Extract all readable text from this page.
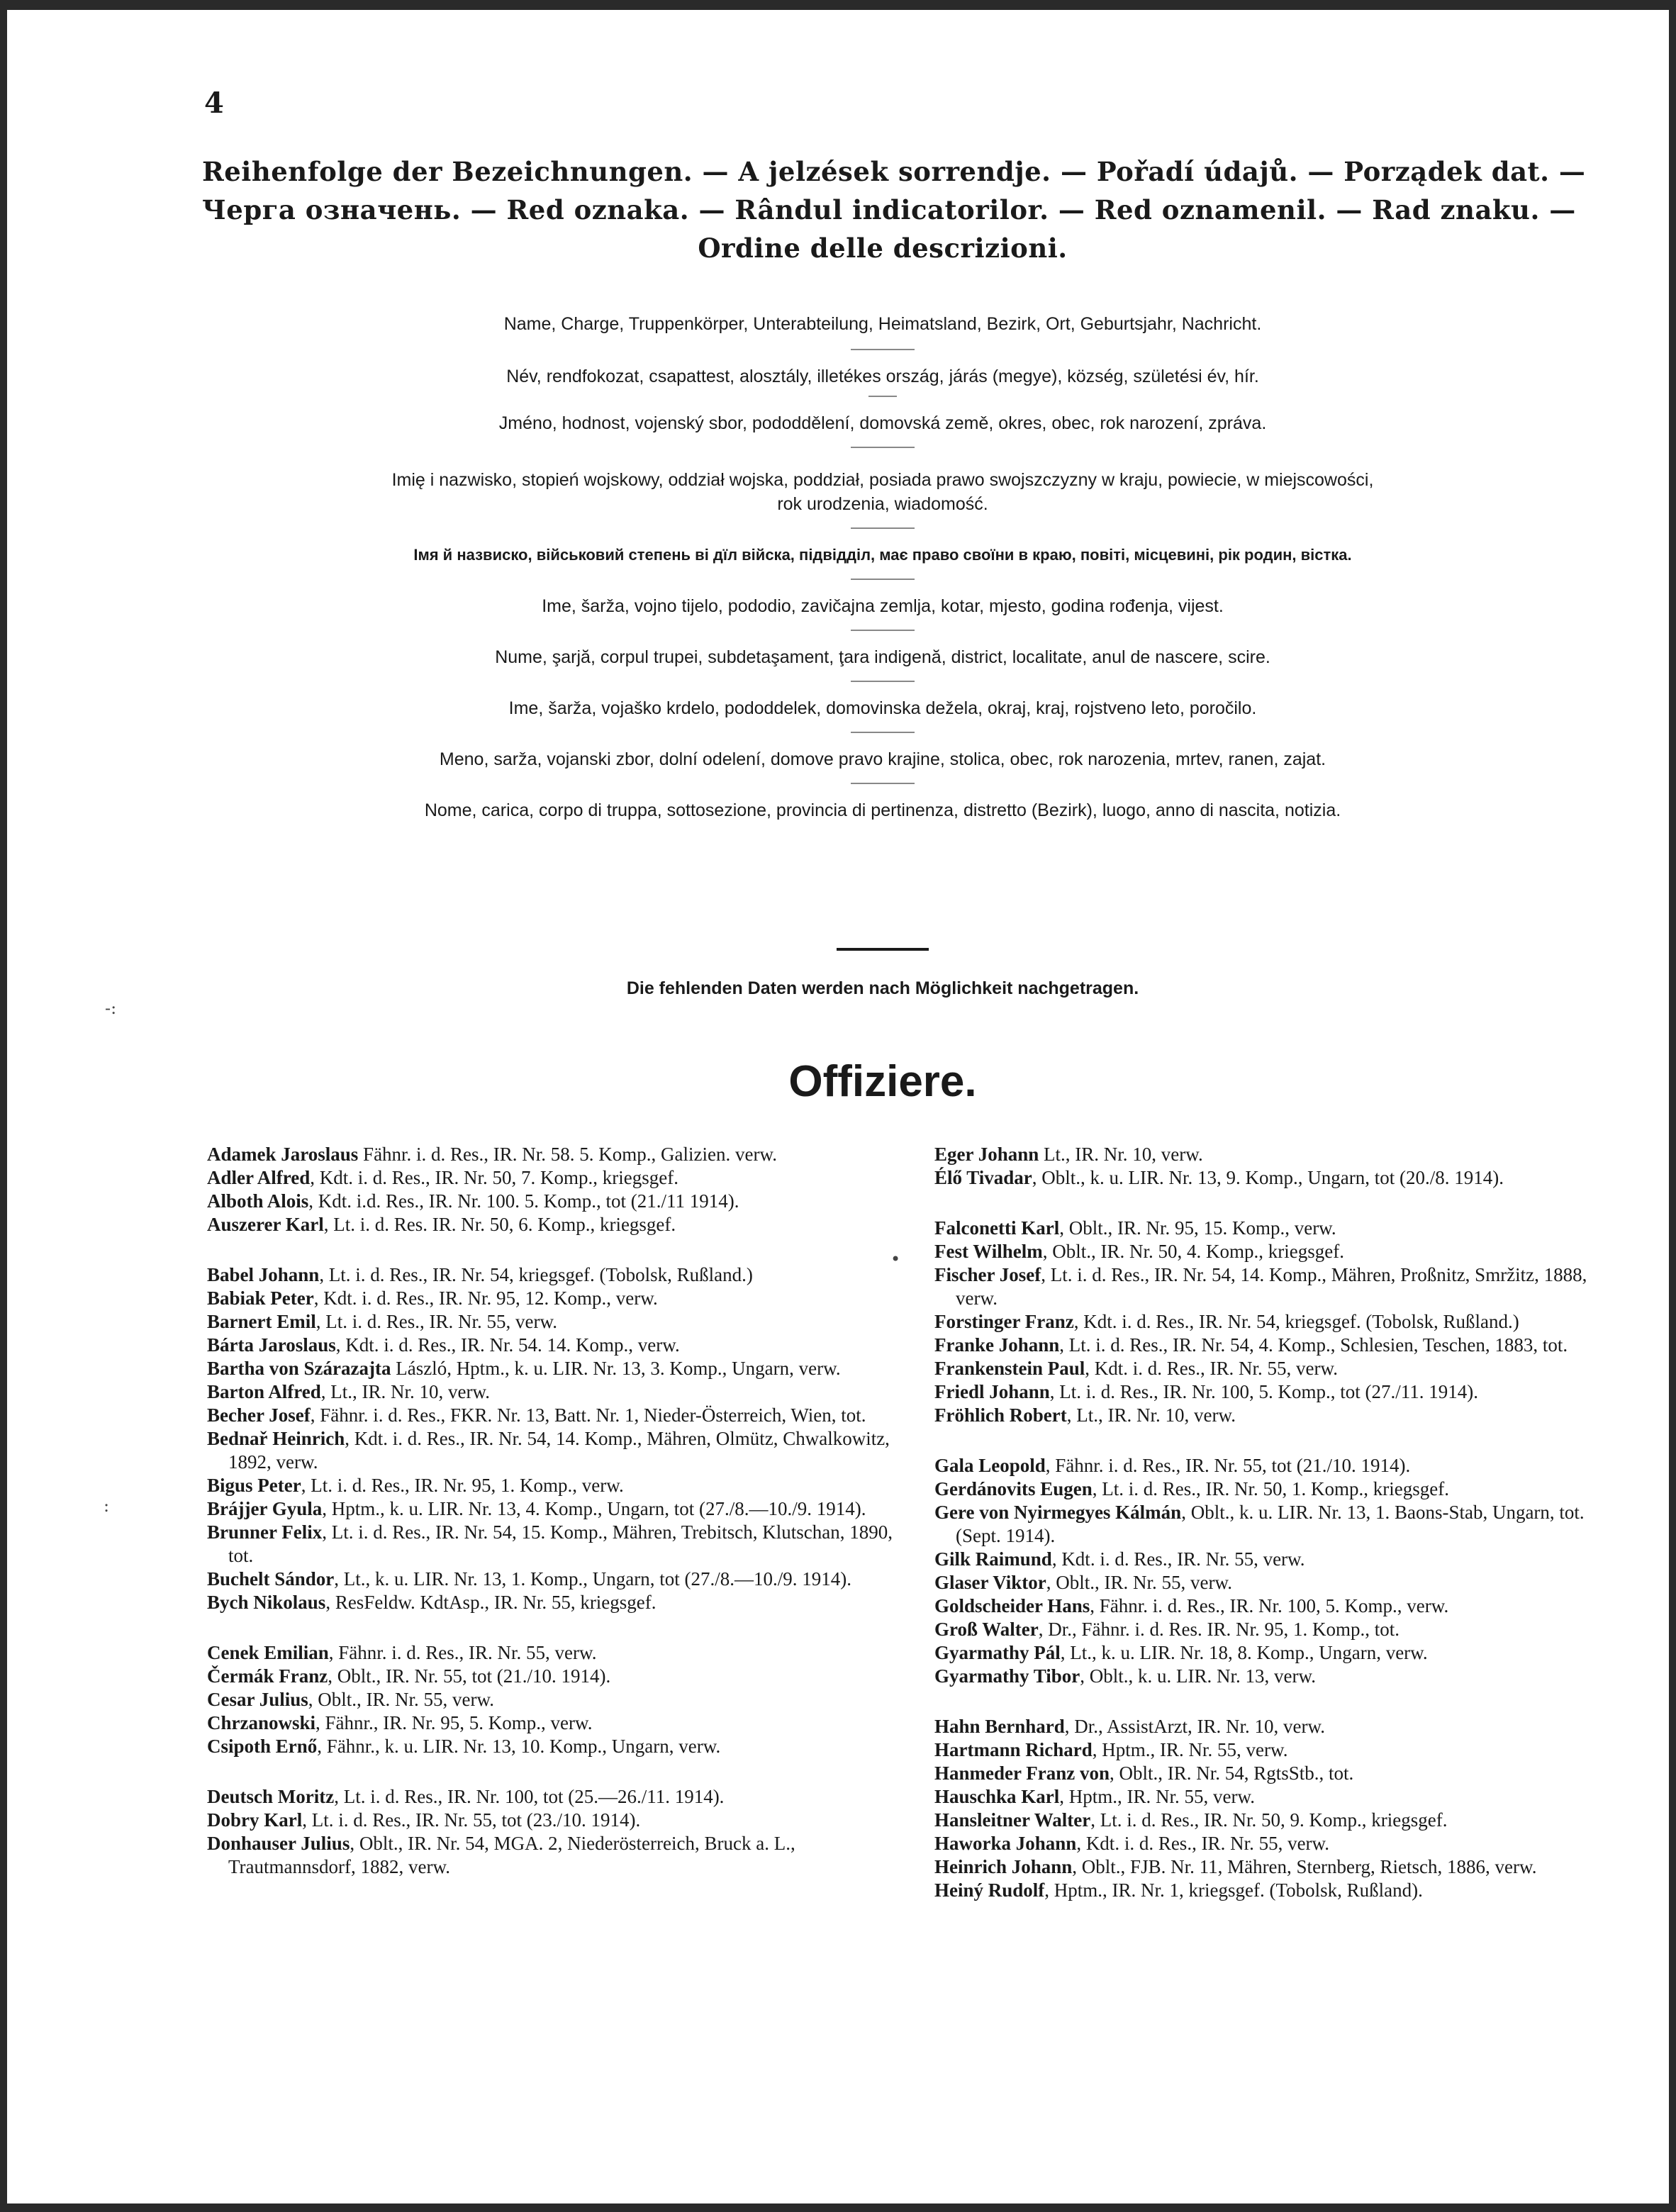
4
Reihenfolge der Bezeichnungen. — A jelzések sorrendje. — Pořadí údajů. — Porządek dat. —
Черга означень. — Red oznaka. — Rândul indicatorilor. — Red oznamenil. — Rad znaku. —
Ordine delle descrizioni.
Name, Charge, Truppenkörper, Unterabteilung, Heimatsland, Bezirk, Ort, Geburtsjahr, Nachricht.
Név, rendfokozat, csapattest, alosztály, illetékes ország, járás (megye), község, születési év, hír.
Jméno, hodnost, vojenský sbor, pododdělení, domovská země, okres, obec, rok narození, zpráva.
Imię i nazwisko, stopień wojskowy, oddział wojska, poddział, posiada prawo swojszczyzny w kraju, powiecie, w miejscowości,
rok urodzenia, wiadomość.
Імя й назвиско, військовий степень ві дїл війска, підвідділ, має право своїни в краю, повіті, місцевині, рік родин, вістка.
Ime, šarža, vojno tijelo, pododio, zavičajna zemlja, kotar, mjesto, godina rođenja, vijest.
Nume, şarjă, corpul trupei, subdetaşament, ţara indigenă, district, localitate, anul de nascere, scire.
Ime, šarža, vojaško krdelo, pododdelek, domovinska dežela, okraj, kraj, rojstveno leto, poročilo.
Meno, sarža, vojanski zbor, dolní odelení, domove pravo krajine, stolica, obec, rok narozenia, mrtev, ranen, zajat.
Nome, carica, corpo di truppa, sottosezione, provincia di pertinenza, distretto (Bezirk), luogo, anno di nascita, notizia.
Die fehlenden Daten werden nach Möglichkeit nachgetragen.
Offiziere.

Adamek Jaroslaus Fähnr. i. d. Res., IR. Nr. 58. 5. Komp., Galizien. verw.

Adler Alfred, Kdt. i. d. Res., IR. Nr. 50, 7. Komp., kriegsgef.

Alboth Alois, Kdt. i.d. Res., IR. Nr. 100. 5. Komp., tot (21./11 1914).

Auszerer Karl, Lt. i. d. Res. IR. Nr. 50, 6. Komp., kriegsgef.

Babel Johann, Lt. i. d. Res., IR. Nr. 54, kriegsgef. (Tobolsk, Rußland.)

Babiak Peter, Kdt. i. d. Res., IR. Nr. 95, 12. Komp., verw.

Barnert Emil, Lt. i. d. Res., IR. Nr. 55, verw.

Bárta Jaroslaus, Kdt. i. d. Res., IR. Nr. 54. 14. Komp., verw.

Bartha von Szárazajta László, Hptm., k. u. LIR. Nr. 13, 3. Komp., Ungarn, verw.

Barton Alfred, Lt., IR. Nr. 10, verw.

Becher Josef, Fähnr. i. d. Res., FKR. Nr. 13, Batt. Nr. 1, Nieder-Österreich, Wien, tot.

Bednař Heinrich, Kdt. i. d. Res., IR. Nr. 54, 14. Komp., Mähren, Olmütz, Chwalkowitz, 1892, verw.

Bigus Peter, Lt. i. d. Res., IR. Nr. 95, 1. Komp., verw.

Brájjer Gyula, Hptm., k. u. LIR. Nr. 13, 4. Komp., Ungarn, tot (27./8.—10./9. 1914).

Brunner Felix, Lt. i. d. Res., IR. Nr. 54, 15. Komp., Mähren, Trebitsch, Klutschan, 1890, tot.

Buchelt Sándor, Lt., k. u. LIR. Nr. 13, 1. Komp., Ungarn, tot (27./8.—10./9. 1914).

Bych Nikolaus, ResFeldw. KdtAsp., IR. Nr. 55, kriegsgef.

Cenek Emilian, Fähnr. i. d. Res., IR. Nr. 55, verw.

Čermák Franz, Oblt., IR. Nr. 55, tot (21./10. 1914).

Cesar Julius, Oblt., IR. Nr. 55, verw.

Chrzanowski, Fähnr., IR. Nr. 95, 5. Komp., verw.

Csipoth Ernő, Fähnr., k. u. LIR. Nr. 13, 10. Komp., Ungarn, verw.

Deutsch Moritz, Lt. i. d. Res., IR. Nr. 100, tot (25.—26./11. 1914).

Dobry Karl, Lt. i. d. Res., IR. Nr. 55, tot (23./10. 1914).

Donhauser Julius, Oblt., IR. Nr. 54, MGA. 2, Niederösterreich, Bruck a. L., Trautmannsdorf, 1882, verw.

Eger Johann Lt., IR. Nr. 10, verw.

Élő Tivadar, Oblt., k. u. LIR. Nr. 13, 9. Komp., Ungarn, tot (20./8. 1914).

Falconetti Karl, Oblt., IR. Nr. 95, 15. Komp., verw.

Fest Wilhelm, Oblt., IR. Nr. 50, 4. Komp., kriegsgef.

Fischer Josef, Lt. i. d. Res., IR. Nr. 54, 14. Komp., Mähren, Proßnitz, Smržitz, 1888, verw.

Forstinger Franz, Kdt. i. d. Res., IR. Nr. 54, kriegsgef. (Tobolsk, Rußland.)

Franke Johann, Lt. i. d. Res., IR. Nr. 54, 4. Komp., Schlesien, Teschen, 1883, tot.

Frankenstein Paul, Kdt. i. d. Res., IR. Nr. 55, verw.

Friedl Johann, Lt. i. d. Res., IR. Nr. 100, 5. Komp., tot (27./11. 1914).

Fröhlich Robert, Lt., IR. Nr. 10, verw.

Gala Leopold, Fähnr. i. d. Res., IR. Nr. 55, tot (21./10. 1914).

Gerdánovits Eugen, Lt. i. d. Res., IR. Nr. 50, 1. Komp., kriegsgef.

Gere von Nyirmegyes Kálmán, Oblt., k. u. LIR. Nr. 13, 1. Baons-Stab, Ungarn, tot. (Sept. 1914).

Gilk Raimund, Kdt. i. d. Res., IR. Nr. 55, verw.

Glaser Viktor, Oblt., IR. Nr. 55, verw.

Goldscheider Hans, Fähnr. i. d. Res., IR. Nr. 100, 5. Komp., verw.

Groß Walter, Dr., Fähnr. i. d. Res. IR. Nr. 95, 1. Komp., tot.

Gyarmathy Pál, Lt., k. u. LIR. Nr. 18, 8. Komp., Ungarn, verw.

Gyarmathy Tibor, Oblt., k. u. LIR. Nr. 13, verw.

Hahn Bernhard, Dr., AssistArzt, IR. Nr. 10, verw.

Hartmann Richard, Hptm., IR. Nr. 55, verw.

Hanmeder Franz von, Oblt., IR. Nr. 54, RgtsStb., tot.

Hauschka Karl, Hptm., IR. Nr. 55, verw.

Hansleitner Walter, Lt. i. d. Res., IR. Nr. 50, 9. Komp., kriegsgef.

Haworka Johann, Kdt. i. d. Res., IR. Nr. 55, verw.

Heinrich Johann, Oblt., FJB. Nr. 11, Mähren, Sternberg, Rietsch, 1886, verw.

Heiný Rudolf, Hptm., IR. Nr. 1, kriegsgef. (Tobolsk, Rußland).

-:
:
•
